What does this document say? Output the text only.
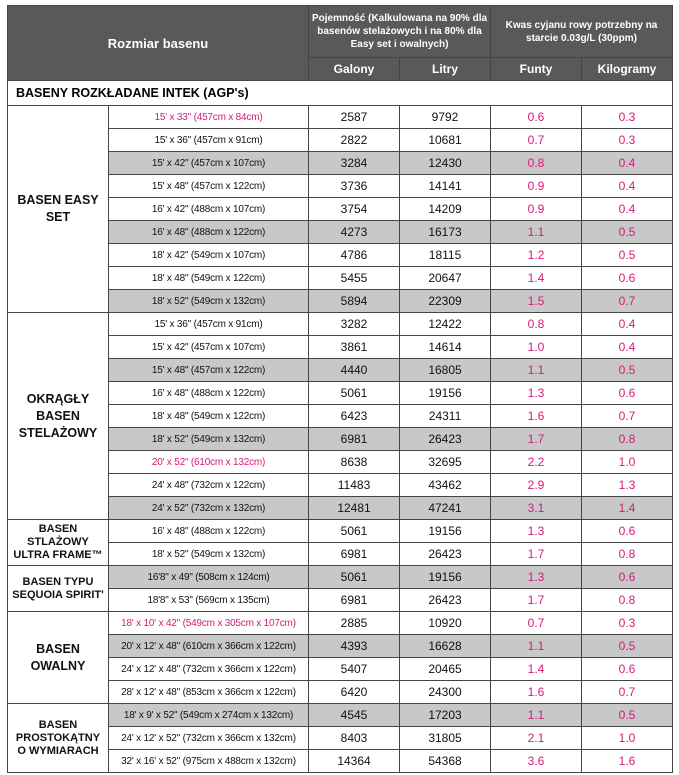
Rozmiar basenu		Pojemność (Kalkulowana na 90% dla basenów stelażowych i na 80% dla Easy set i owalnych)		Kwas cyjanu rowy potrzebny na starcie 0.03g/L (30ppm)	
		Galony	Litry	Funty	Kilogramy
BASENY ROZKŁADANE INTEK (AGP's)					
BASEN EASY SET	15' x 33" (457cm x 84cm)	2587	9792	0.6	0.3
	15' x 36" (457cm x 91cm)	2822	10681	0.7	0.3
	15' x 42" (457cm x 107cm)	3284	12430	0.8	0.4
	15' x 48" (457cm x 122cm)	3736	14141	0.9	0.4
	16' x 42" (488cm x 107cm)	3754	14209	0.9	0.4
	16' x 48" (488cm x 122cm)	4273	16173	1.1	0.5
	18' x 42" (549cm x 107cm)	4786	18115	1.2	0.5
	18' x 48" (549cm x 122cm)	5455	20647	1.4	0.6
	18' x 52" (549cm x 132cm)	5894	22309	1.5	0.7
OKRĄGŁY BASEN STELAŻOWY	15' x 36" (457cm x 91cm)	3282	12422	0.8	0.4
	15' x 42" (457cm x 107cm)	3861	14614	1.0	0.4
	15' x 48" (457cm x 122cm)	4440	16805	1.1	0.5
	16' x 48" (488cm x 122cm)	5061	19156	1.3	0.6
	18' x 48" (549cm x 122cm)	6423	24311	1.6	0.7
	18' x 52" (549cm x 132cm)	6981	26423	1.7	0.8
	20' x 52" (610cm x 132cm)	8638	32695	2.2	1.0
	24' x 48" (732cm x 122cm)	11483	43462	2.9	1.3
	24' x 52" (732cm x 132cm)	12481	47241	3.1	1.4
BASEN STLAŻOWY ULTRA FRAME™	16' x 48" (488cm x 122cm)	5061	19156	1.3	0.6
	18' x 52" (549cm x 132cm)	6981	26423	1.7	0.8
BASEN TYPU SEQUOIA SPIRIT'	16'8" x 49" (508cm x 124cm)	5061	19156	1.3	0.6
	18'8" x 53" (569cm x 135cm)	6981	26423	1.7	0.8
BASEN OWALNY	18' x 10' x 42" (549cm x 305cm x 107cm)	2885	10920	0.7	0.3
	20' x 12' x 48" (610cm x 366cm x 122cm)	4393	16628	1.1	0.5
	24' x 12' x 48" (732cm x 366cm x 122cm)	5407	20465	1.4	0.6
	28' x 12' x 48" (853cm x 366cm x 122cm)	6420	24300	1.6	0.7
BASEN PROSTOKĄTNY O WYMIARACH	18' x 9' x 52" (549cm x 274cm x 132cm)	4545	17203	1.1	0.5
	24' x 12' x 52" (732cm x 366cm x 132cm)	8403	31805	2.1	1.0
	32' x 16' x 52" (975cm x 488cm x 132cm)	14364	54368	3.6	1.6
